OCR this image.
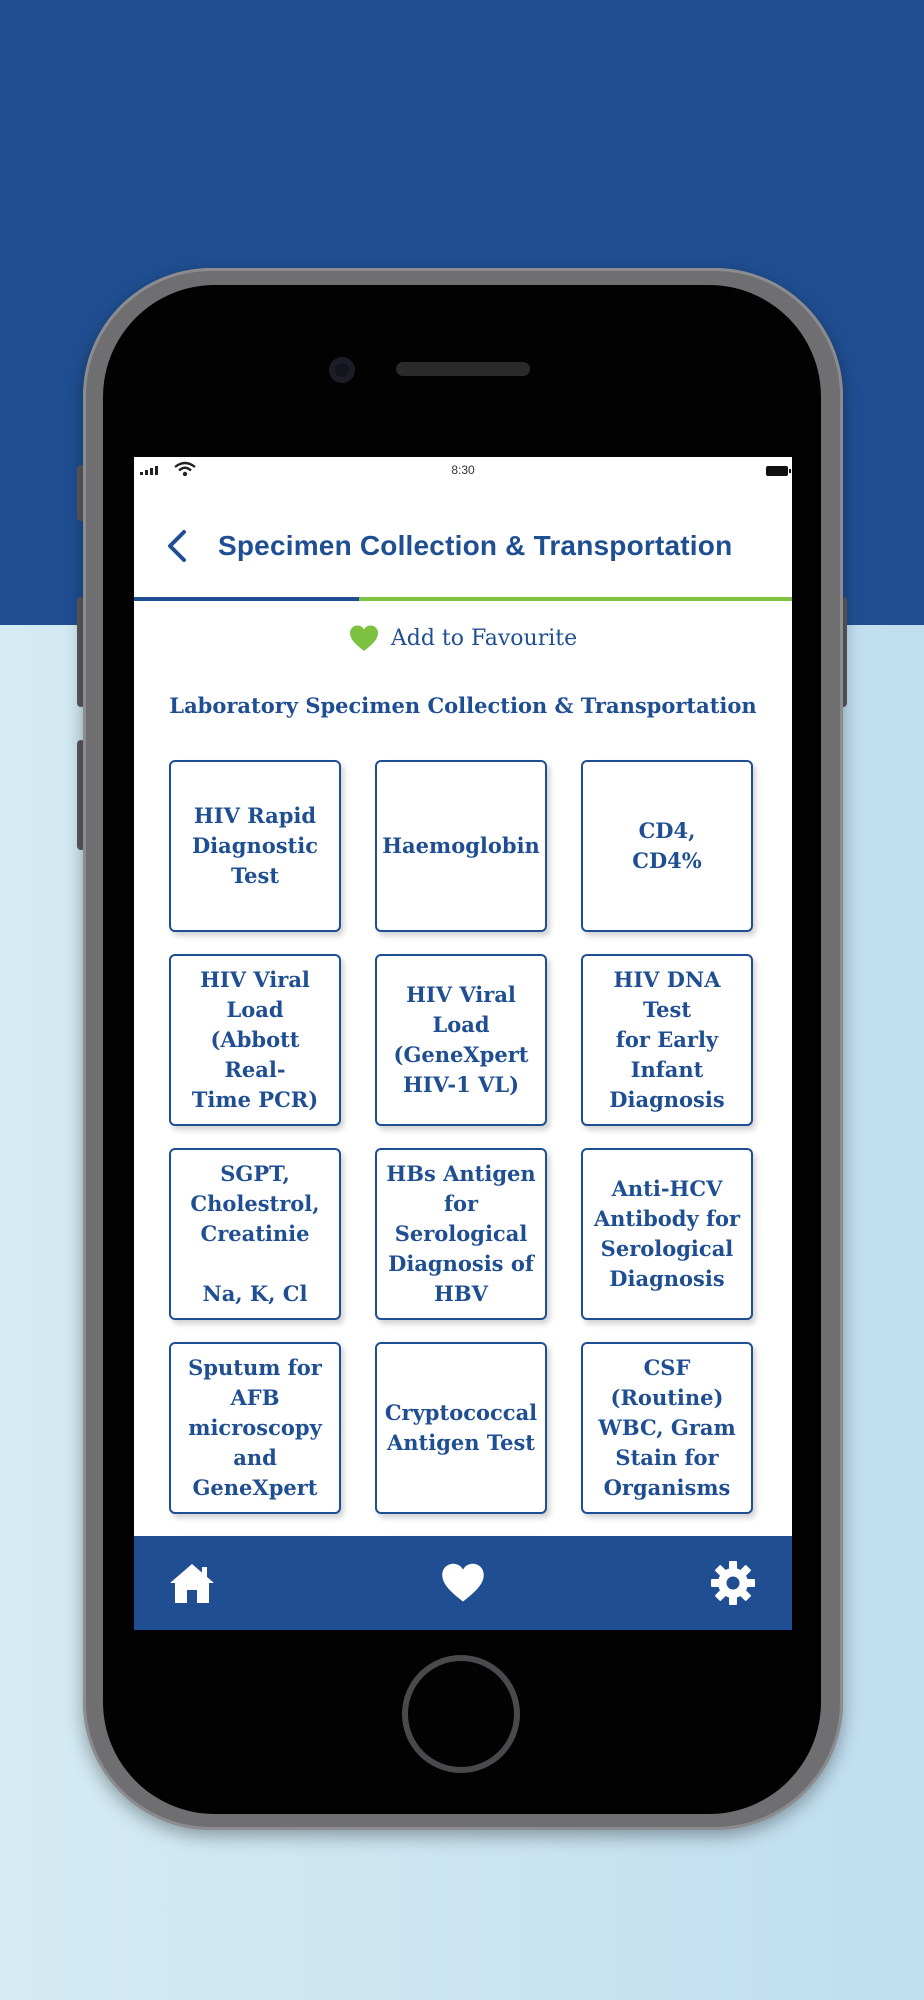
8:30
Specimen Collection & Transportation
Add to Favourite
Laboratory Specimen Collection & Transportation
HIV Rapid
Diagnostic Test
Haemoglobin
CD4,
CD4%
HIV Viral Load
(Abbott Real-
Time PCR)
HIV Viral Load
(GeneXpert
HIV-1 VL)
HIV DNA Test
for Early Infant
Diagnosis
SGPT,
Cholestrol,
Creatinie

Na, K, Cl
HBs Antigen
for Serological
Diagnosis of
HBV
Anti-HCV
Antibody for
Serological
Diagnosis
Sputum for
AFB microscopy
and GeneXpert
Cryptococcal
Antigen Test
CSF (Routine)
WBC, Gram
Stain for
Organisms
